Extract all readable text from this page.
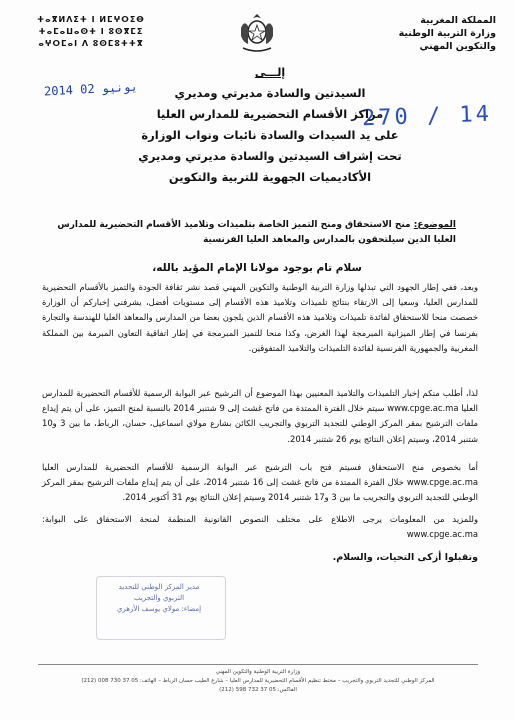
ⵜⴰⴳⵍⴷⵉⵜ ⵏ ⵍⵎⵖⵔⵉⴱ
ⵜⴰⵎⴰⵡⴰⵙⵜ ⵏ ⵓⵙⴳⵎⵉ
ⴰⵖⵔⵎⴰⵏ ⴷ ⵓⵙⵎⵓⵜⵜⴳ
المملكة المغربية
وزارة التربية الوطنية
والتكوين المهني
2014 يونيو 02
270 / 14
إلـــى
السيدتين والسادة مديرتي ومديري
مراكز الأقسام التحضيرية للمدارس العليا
على يد السيدات والسادة نائبات ونواب الوزارة
تحت إشراف السيدتين والسادة مديرتي ومديري
الأكاديميات الجهوية للتربية والتكوين
الموضوع: منح الاستحقاق ومنح التميز الخاصة بتلميذات وتلاميذ الأقسام التحضيرية للمدارس العليا الذين سيلتحقون بالمدارس والمعاهد العليا الفرنسية
سلام تام بوجود مولانا الإمام المؤيد بالله،

وبعد، ففي إطار الجهود التي تبذلها وزارة التربية الوطنية والتكوين المهني قصد نشر ثقافة الجودة والتميز بالأقسام التحضيرية للمدارس العليا، وسعيا إلى الارتقاء بنتائج تلميذات وتلاميذ هذه الأقسام إلى مستويات أفضل، يشرفني إخباركم أن الوزارة خصصت منحا للاستحقاق لفائدة تلميذات وتلاميذ هذه الأقسام الذين يلجون بعضا من المدارس والمعاهد العليا للهندسة والتجارة بفرنسا في إطار الميزانية المبرمجة لهذا الغرض، وكذا منحا للتميز المبرمجة في إطار اتفاقية التعاون المبرمة بين المملكة المغربية والجمهورية الفرنسية لفائدة التلميذات والتلاميذ المتفوقين.

لذا، أطلب منكم إخبار التلميذات والتلاميذ المعنيين بهذا الموضوع أن الترشيح عبر البوابة الرسمية للأقسام التحضيرية للمدارس العليا www.cpge.ac.ma سيتم خلال الفترة الممتدة من فاتح غشت إلى 9 شتنبر 2014 بالنسبة لمنح التميز، على أن يتم إيداع ملفات الترشيح بمقر المركز الوطني للتجديد التربوي والتجريب الكائن بشارع مولاي اسماعيل، حسان، الرباط، ما بين 3 و10 شتنبر 2014، وسيتم إعلان النتائج يوم 26 شتنبر 2014.

أما بخصوص منح الاستحقاق فسيتم فتح باب الترشيح عبر البوابة الرسمية للأقسام التحضيرية للمدارس العليا www.cpge.ac.ma خلال الفترة الممتدة من فاتح غشت إلى 16 شتنبر 2014، على أن يتم إيداع ملفات الترشيح بمقر المركز الوطني للتجديد التربوي والتجريب ما بين 3 و17 شتنبر 2014 وسيتم إعلان النتائج يوم 31 أكتوبر 2014.

وللمزيد من المعلومات يرجى الاطلاع على مختلف النصوص القانونية المنظمة لمنحة الاستحقاق على البوابة: www.cpge.ac.ma

وتقبلوا أزكى التحيات، والسلام.
مدير المركز الوطني للتجديد
التربوي والتجريب
إمضاء: مولاي يوسف الأزهري
وزارة التربية الوطنية والتكوين المهني
المركز الوطني للتجديد التربوي والتجريب – مختط تنظيم الأقسام التحضيرية للمدارس العليا – شارع الطيب حسان الرباط – الهاتف: 05 37 730 008 (212)
الفاكس: 05 37 732 598 (212)
